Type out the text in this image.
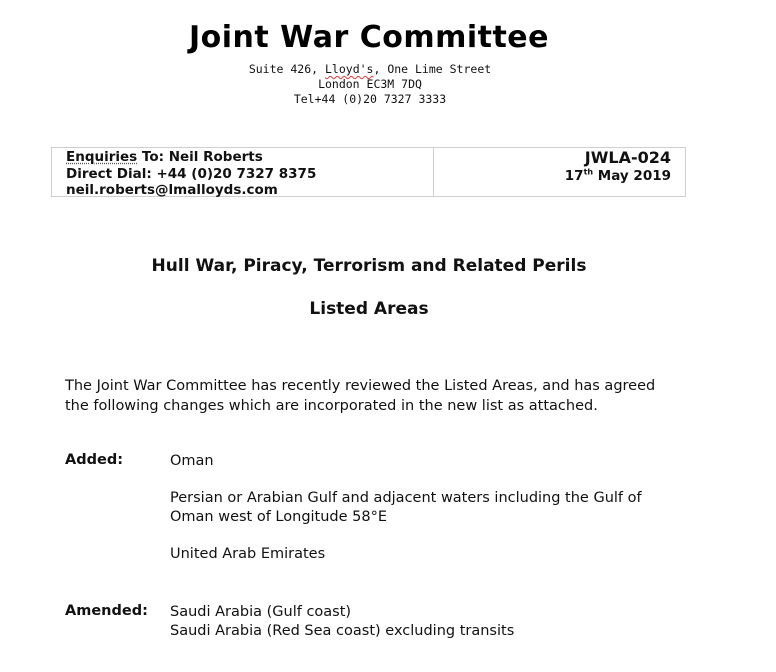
Joint War Committee
Suite 426, Lloyd's, One Lime Street
London EC3M 7DQ
Tel+44 (0)20 7327 3333
Enquiries To: Neil Roberts
Direct Dial: +44 (0)20 7327 8375
neil.roberts@lmalloyds.com
JWLA-024
17th May 2019
Hull War, Piracy, Terrorism and Related Perils
Listed Areas
The Joint War Committee has recently reviewed the Listed Areas, and has agreed
the following changes which are incorporated in the new list as attached.
Added:	Oman
Persian or Arabian Gulf and adjacent waters including the Gulf of
Oman west of Longitude 58°E
United Arab Emirates
Amended: Saudi Arabia (Gulf coast)
Saudi Arabia (Red Sea coast) excluding transits
